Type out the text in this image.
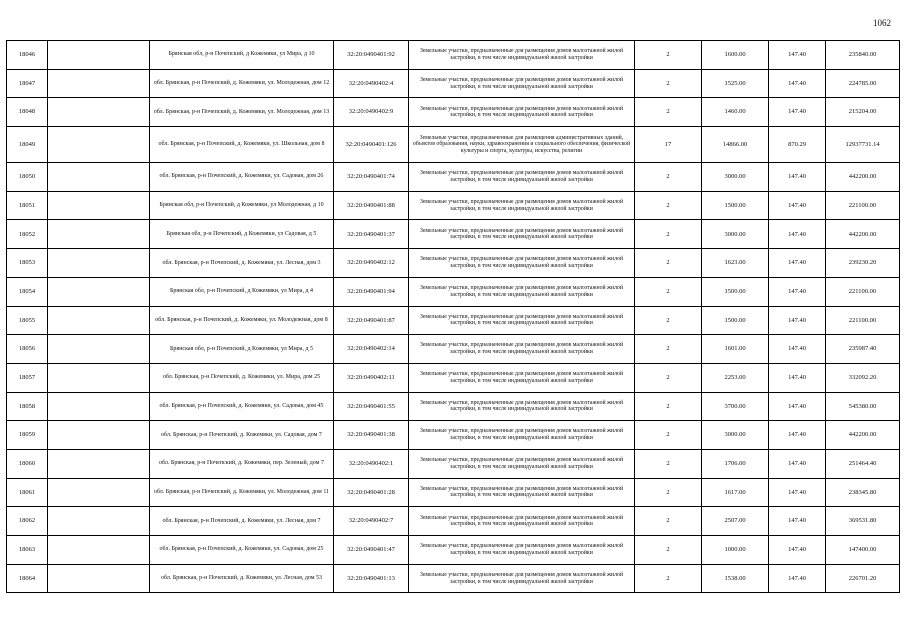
1062
18046		Брянская обл, р-н Почепский, д Кожемяки, ул Мира, д 10	32:20:0490401:92	Земельные участки, предназначенные для размещения домов малоэтажной жилой застройки, в том числе индивидуальной жилой застройки	2	1600.00	147.40	235840.00
18047		обл. Брянская, р-н Почепский, д. Кожемяки, ул. Молодежная, дом 12	32:20:0490402:4	Земельные участки, предназначенные для размещения домов малоэтажной жилой застройки, в том числе индивидуальной жилой застройки	2	1525.00	147.40	224785.00
18048		обл. Брянская, р-н Почепский, д. Кожемяки, ул. Молодежная, дом 13	32:20:0490402:9	Земельные участки, предназначенные для размещения домов малоэтажной жилой застройки, в том числе индивидуальной жилой застройки	2	1460.00	147.40	215204.00
18049		обл. Брянская, р-н Почепский, д. Кожемяки, ул. Школьная, дом 8	32:20:0490401:126	Земельные участки, предназначенные для размещения административных зданий, объектов образования, науки, здравоохранения и социального обеспечения, физической культуры и спорта, культуры, искусства, религии	17	14866.00	870.29	12937731.14
18050		обл. Брянская, р-н Почепский, д. Кожемяки, ул. Садовая, дом 26	32:20:0490401:74	Земельные участки, предназначенные для размещения домов малоэтажной жилой застройки, в том числе индивидуальной жилой застройки	2	3000.00	147.40	442200.00
18051		Брянская обл, р-н Почепский, д Кожемяки, ул Молодежная, д 10	32:20:0490401:88	Земельные участки, предназначенные для размещения домов малоэтажной жилой застройки, в том числе индивидуальной жилой застройки	2	1500.00	147.40	221100.00
18052		Брянская обл, р-н Почепский, д Кожемяки, ул Садовая, д 5	32:20:0490401:37	Земельные участки, предназначенные для размещения домов малоэтажной жилой застройки, в том числе индивидуальной жилой застройки	2	3000.00	147.40	442200.00
18053		обл. Брянская, р-н Почепский, д. Кожемяки, ул. Лесная, дом 3	32:20:0490402:12	Земельные участки, предназначенные для размещения домов малоэтажной жилой застройки, в том числе индивидуальной жилой застройки	2	1623.00	147.40	239230.20
18054		Брянская обл, р-н Почепский, д Кожемяки, ул Мира, д 4	32:20:0490401:94	Земельные участки, предназначенные для размещения домов малоэтажной жилой застройки, в том числе индивидуальной жилой застройки	2	1500.00	147.40	221100.00
18055		обл. Брянская, р-н Почепский, д. Кожемяки, ул. Молодежная, дом 8	32:20:0490401:87	Земельные участки, предназначенные для размещения домов малоэтажной жилой застройки, в том числе индивидуальной жилой застройки	2	1500.00	147.40	221100.00
18056		Брянская обл, р-н Почепский, д Кожемяки, ул Мира, д 5	32:20:0490402:14	Земельные участки, предназначенные для размещения домов малоэтажной жилой застройки, в том числе индивидуальной жилой застройки	2	1601.00	147.40	235987.40
18057		обл. Брянская, р-н Почепский, д. Кожемяки, ул. Мира, дом 25	32:20:0490402:11	Земельные участки, предназначенные для размещения домов малоэтажной жилой застройки, в том числе индивидуальной жилой застройки	2	2253.00	147.40	332092.20
18058		обл. Брянская, р-н Почепский, д. Кожемяки, ул. Садовая, дом 45	32:20:0490401:55	Земельные участки, предназначенные для размещения домов малоэтажной жилой застройки, в том числе индивидуальной жилой застройки	2	3700.00	147.40	545380.00
18059		обл. Брянская, р-н Почепский, д. Кожемяки, ул. Садовая, дом 7	32:20:0490401:38	Земельные участки, предназначенные для размещения домов малоэтажной жилой застройки, в том числе индивидуальной жилой застройки	2	3000.00	147.40	442200.00
18060		обл. Брянская, р-н Почепский, д. Кожемяки, пер. Зеленый, дом 7	32:20:0490402:1	Земельные участки, предназначенные для размещения домов малоэтажной жилой застройки, в том числе индивидуальной жилой застройки	2	1706.00	147.40	251464.40
18061		обл. Брянская, р-н Почепский, д. Кожемяки, ул. Молодежная, дом 11	32:20:0490401:28	Земельные участки, предназначенные для размещения домов малоэтажной жилой застройки, в том числе индивидуальной жилой застройки	2	1617.00	147.40	238345.80
18062		обл. Брянская, р-н Почепский, д. Кожемяки, ул. Лесная, дом 7	32:20:0490402:7	Земельные участки, предназначенные для размещения домов малоэтажной жилой застройки, в том числе индивидуальной жилой застройки	2	2507.00	147.40	369531.80
18063		обл. Брянская, р-н Почепский, д. Кожемяки, ул. Садовая, дом 25	32:20:0490401:47	Земельные участки, предназначенные для размещения домов малоэтажной жилой застройки, в том числе индивидуальной жилой застройки	2	1000.00	147.40	147400.00
18064		обл. Брянская, р-н Почепский, д. Кожемяки, ул. Лесная, дом 53	32:20:0490401:13	Земельные участки, предназначенные для размещения домов малоэтажной жилой застройки, в том числе индивидуальной жилой застройки	2	1538.00	147.40	226701.20
